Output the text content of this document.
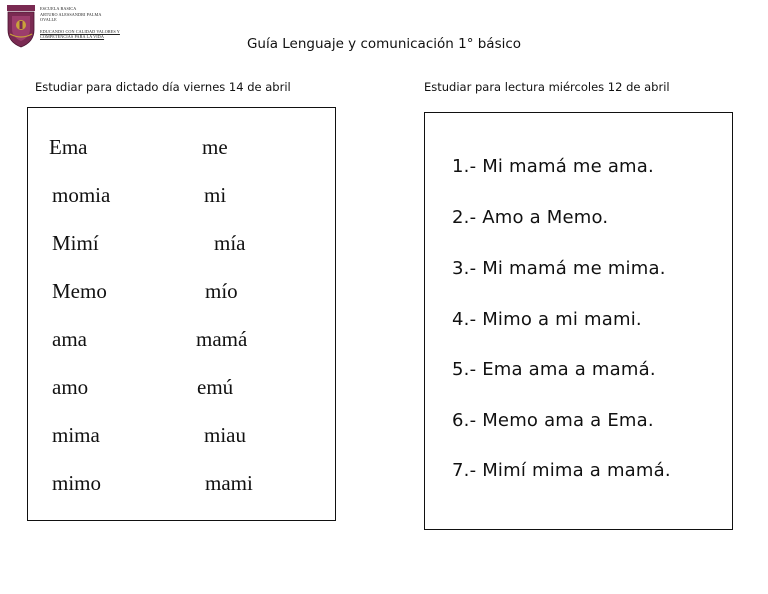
ESCUELA BASICA
ARTURO ALESSANDRI PALMA
OVALLE
EDUCANDO CON CALIDAD VALORES Y
COMPETENCIAS PARA LA VIDA	Guía Lenguaje y comunicación 1° básico
Estudiar para dictado día viernes 14 de abril	Estudiar para lectura miércoles 12 de abril
Ema
momia
Mimí
Memo
ama
amo
mima
mimo
me
mi
mía
mío
mamá
emú
miau
mami
1.- Mi mamá me ama.
2.- Amo a Memo.
3.- Mi mamá me mima.
4.- Mimo a mi mami.
5.- Ema ama a mamá.
6.- Memo ama a Ema.
7.- Mimí mima a mamá.
